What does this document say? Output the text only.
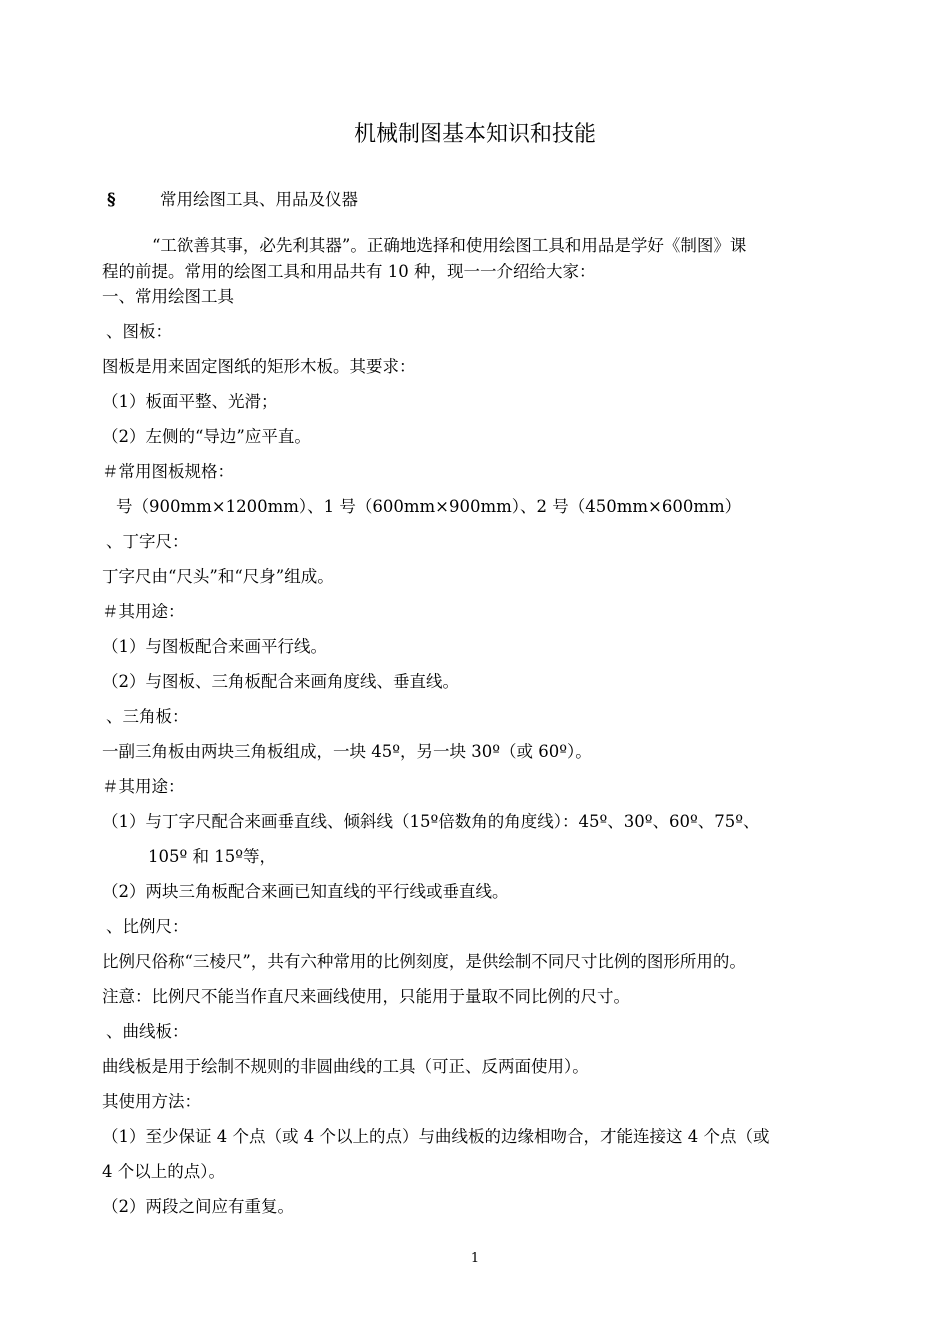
机械制图基本知识和技能
§	常用绘图工具、用品及仪器
“工欲善其事，必先利其器”。正确地选择和使用绘图工具和用品是学好《制图》课
程的前提。常用的绘图工具和用品共有 10 种，现一一介绍给大家：
一、常用绘图工具
、图板：
图板是用来固定图纸的矩形木板。其要求：
（1）板面平整、光滑；
（2）左侧的“导边”应平直。
＃常用图板规格：
号（900mm×1200mm）、1 号（600mm×900mm）、2 号（450mm×600mm）
、丁字尺：
丁字尺由“尺头”和“尺身”组成。
＃其用途：
（1）与图板配合来画平行线。
（2）与图板、三角板配合来画角度线、垂直线。
、三角板：
一副三角板由两块三角板组成，一块 45º，另一块 30º（或 60º）。
＃其用途：
（1）与丁字尺配合来画垂直线、倾斜线（15º倍数角的角度线）：45º、30º、60º、75º、
105º 和 15º等，
（2）两块三角板配合来画已知直线的平行线或垂直线。
、比例尺：
比例尺俗称“三棱尺”，共有六种常用的比例刻度，是供绘制不同尺寸比例的图形所用的。
注意：比例尺不能当作直尺来画线使用，只能用于量取不同比例的尺寸。
、曲线板：
曲线板是用于绘制不规则的非圆曲线的工具（可正、反两面使用）。
其使用方法：
（1）至少保证 4 个点（或 4 个以上的点）与曲线板的边缘相吻合，才能连接这 4 个点（或
4 个以上的点）。
（2）两段之间应有重复。
1
